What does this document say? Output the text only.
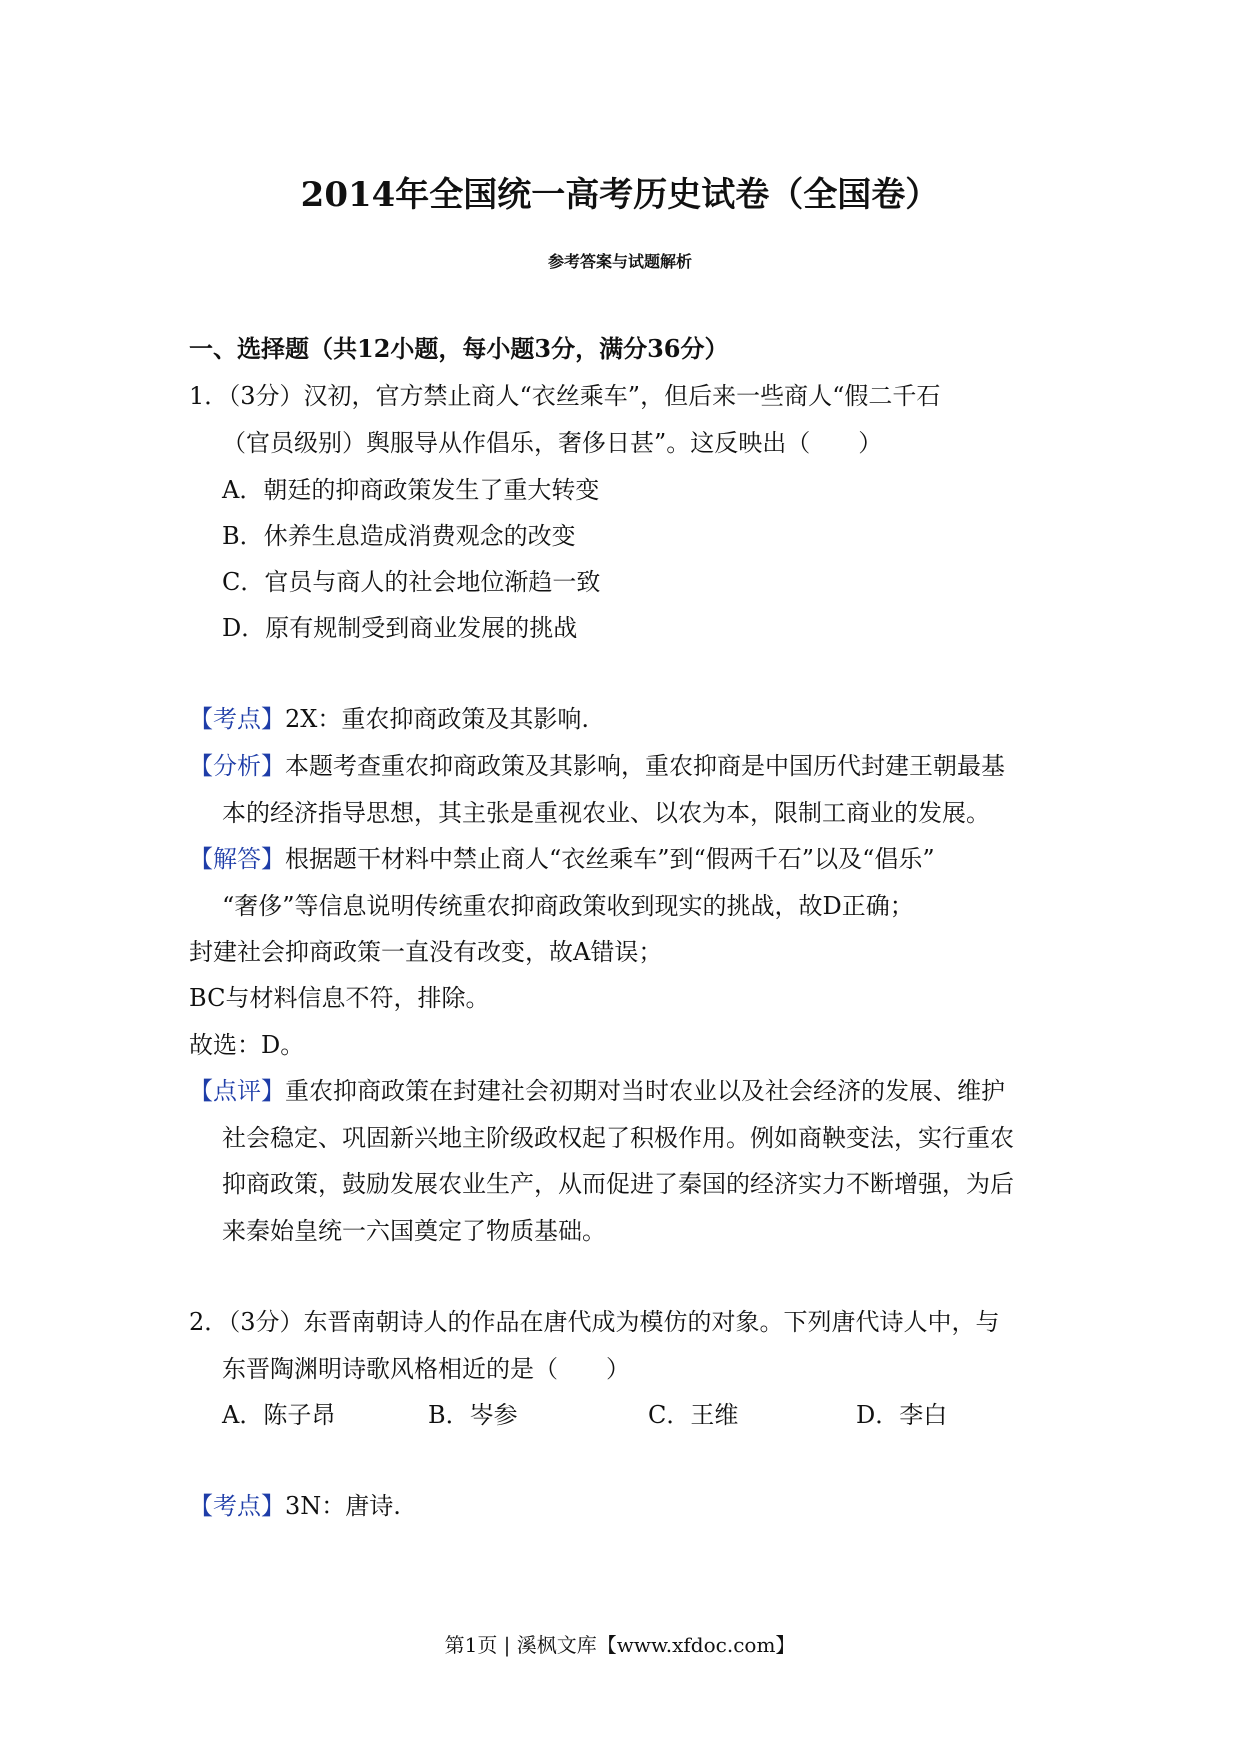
2014年全国统一高考历史试卷（全国卷）
参考答案与试题解析
一、选择题（共12小题，每小题3分，满分36分）
1．（3分）汉初，官方禁止商人“衣丝乘车”，但后来一些商人“假二千石
（官员级别）舆服导从作倡乐，奢侈日甚”。这反映出（　　）
A．朝廷的抑商政策发生了重大转变
B．休养生息造成消费观念的改变
C．官员与商人的社会地位渐趋一致
D．原有规制受到商业发展的挑战
【考点】2X：重农抑商政策及其影响.
【分析】本题考查重农抑商政策及其影响，重农抑商是中国历代封建王朝最基
本的经济指导思想，其主张是重视农业、以农为本，限制工商业的发展。
【解答】根据题干材料中禁止商人“衣丝乘车”到“假两千石”以及“倡乐”
“奢侈”等信息说明传统重农抑商政策收到现实的挑战，故D正确；
封建社会抑商政策一直没有改变，故A错误；
BC与材料信息不符，排除。
故选：D。
【点评】重农抑商政策在封建社会初期对当时农业以及社会经济的发展、维护
社会稳定、巩固新兴地主阶级政权起了积极作用。例如商鞅变法，实行重农
抑商政策，鼓励发展农业生产，从而促进了秦国的经济实力不断增强，为后
来秦始皇统一六国奠定了物质基础。
2．（3分）东晋南朝诗人的作品在唐代成为模仿的对象。下列唐代诗人中，与
东晋陶渊明诗歌风格相近的是（　　）
A．陈子昂	B．岑参	C．王维	D．李白
【考点】3N：唐诗.
第1页 | 溪枫文库【www.xfdoc.com】
